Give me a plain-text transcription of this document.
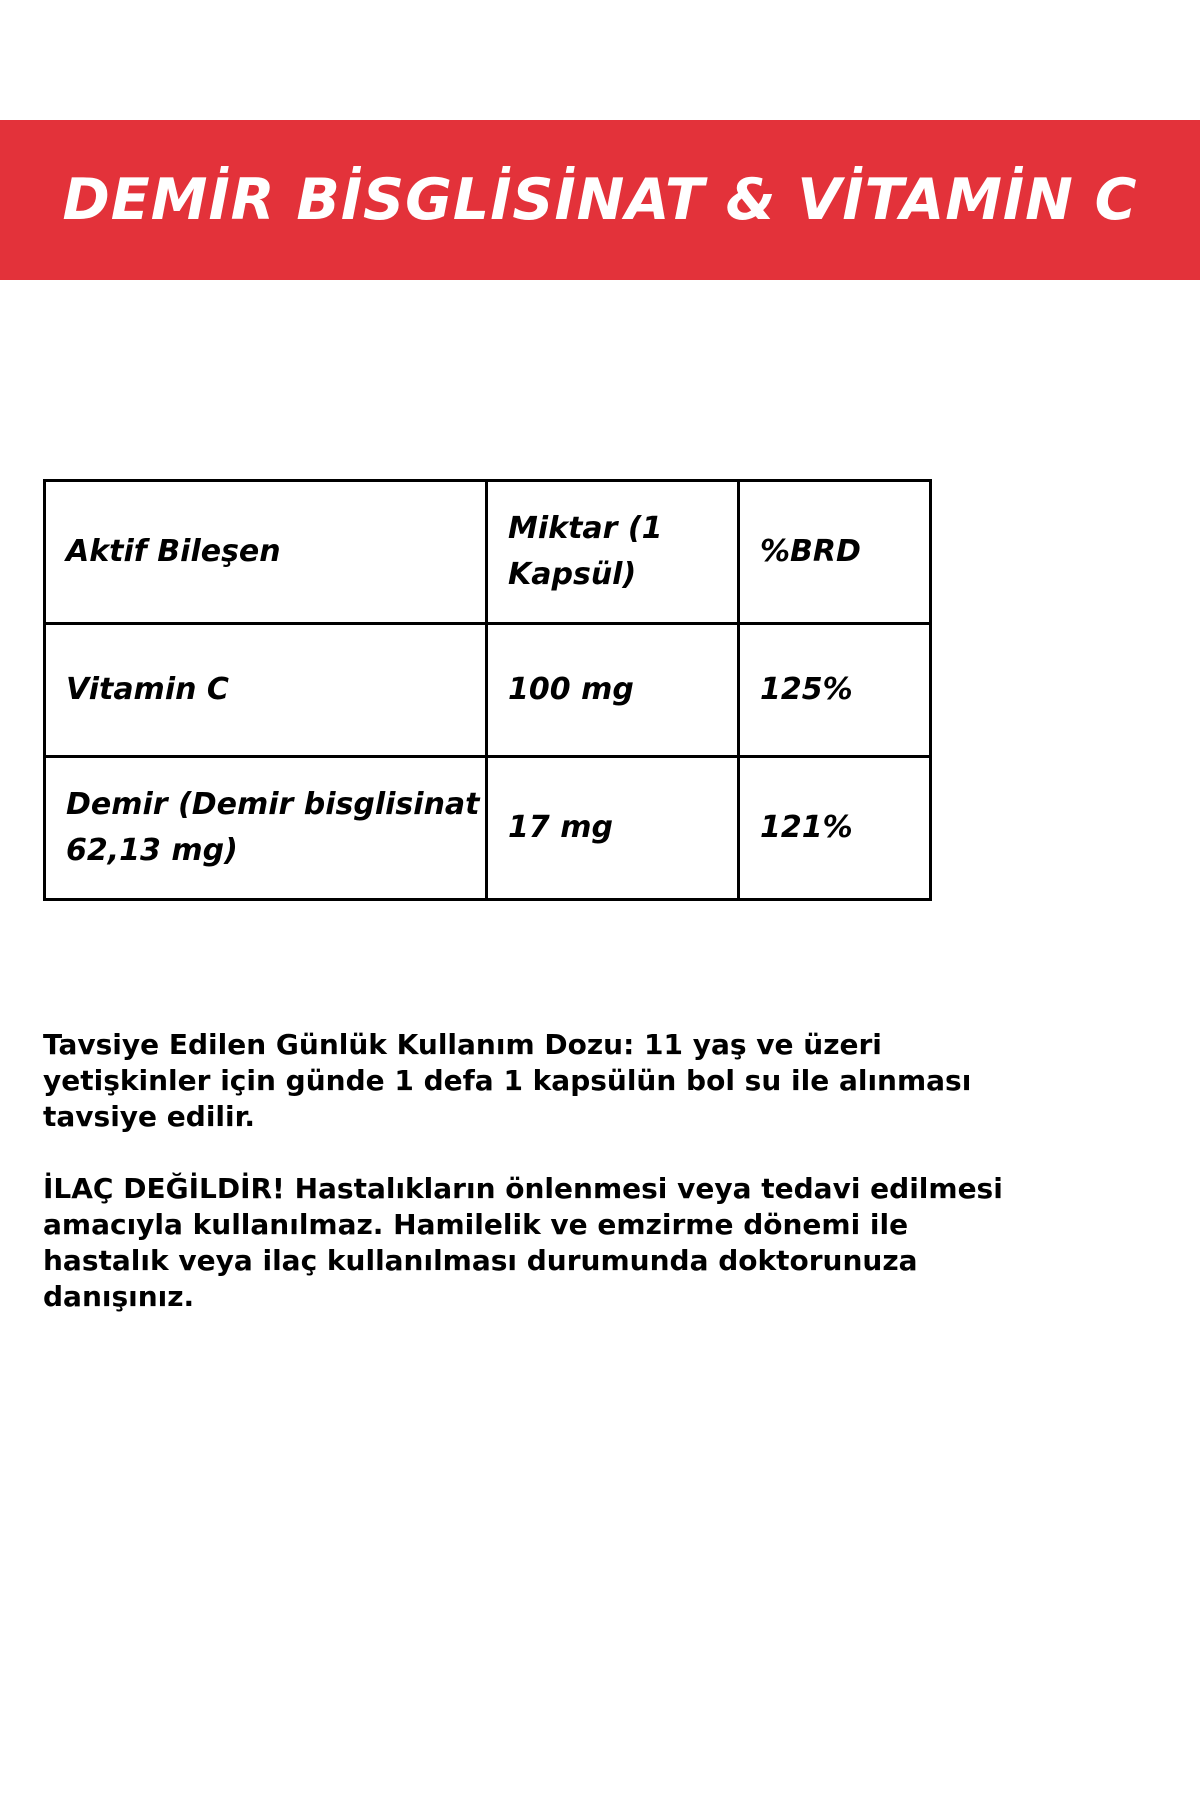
DEMİR BİSGLİSİNAT & VİTAMİN C
Aktif Bileşen	Miktar (1 Kapsül)	%BRD
Vitamin C	100 mg	125%
Demir (Demir bisglisinat 62,13 mg)	17 mg	121%

Tavsiye Edilen Günlük Kullanım Dozu: 11 yaş ve üzeri yetişkinler için günde 1 defa 1 kapsülün bol su ile alınması tavsiye edilir.

İLAÇ DEĞİLDİR! Hastalıkların önlenmesi veya tedavi edilmesi amacıyla kullanılmaz. Hamilelik ve emzirme dönemi ile hastalık veya ilaç kullanılması durumunda doktorunuza danışınız.
